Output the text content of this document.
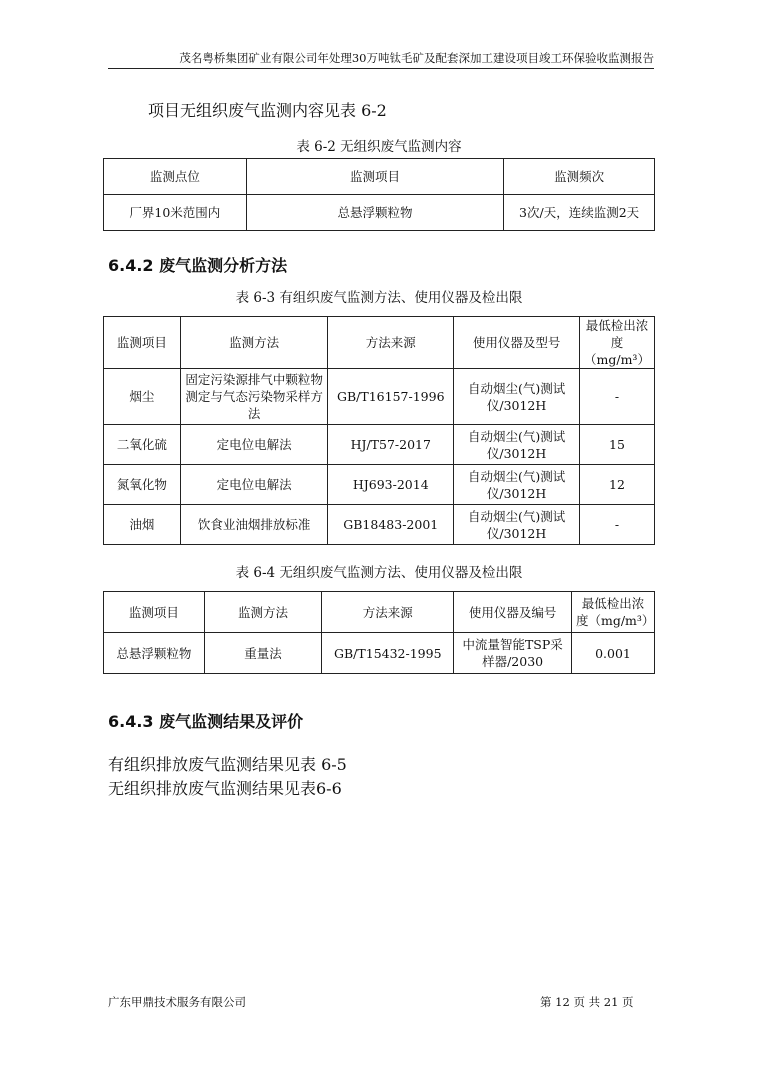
茂名粤桥集团矿业有限公司年处理30万吨钛毛矿及配套深加工建设项目竣工环保验收监测报告
项目无组织废气监测内容见表 6-2
表 6-2 无组织废气监测内容
监测点位	监测项目	监测频次
厂界10米范围内	总悬浮颗粒物	3次/天，连续监测2天
6.4.2 废气监测分析方法
表 6-3 有组织废气监测方法、使用仪器及检出限
监测项目	监测方法	方法来源	使用仪器及型号	最低检出浓度（mg/m³）
烟尘	固定污染源排气中颗粒物测定与气态污染物采样方法	GB/T16157-1996	自动烟尘(气)测试仪/3012H	-
二氧化硫	定电位电解法	HJ/T57-2017	自动烟尘(气)测试仪/3012H	15
氮氧化物	定电位电解法	HJ693-2014	自动烟尘(气)测试仪/3012H	12
油烟	饮食业油烟排放标准	GB18483-2001	自动烟尘(气)测试仪/3012H	-
表 6-4 无组织废气监测方法、使用仪器及检出限
监测项目	监测方法	方法来源	使用仪器及编号	最低检出浓度（mg/m³）
总悬浮颗粒物	重量法	GB/T15432-1995	中流量智能TSP采样器/2030	0.001
6.4.3 废气监测结果及评价
有组织排放废气监测结果见表 6-5
无组织排放废气监测结果见表6-6
广东甲鼎技术服务有限公司	第 12 页 共 21 页
